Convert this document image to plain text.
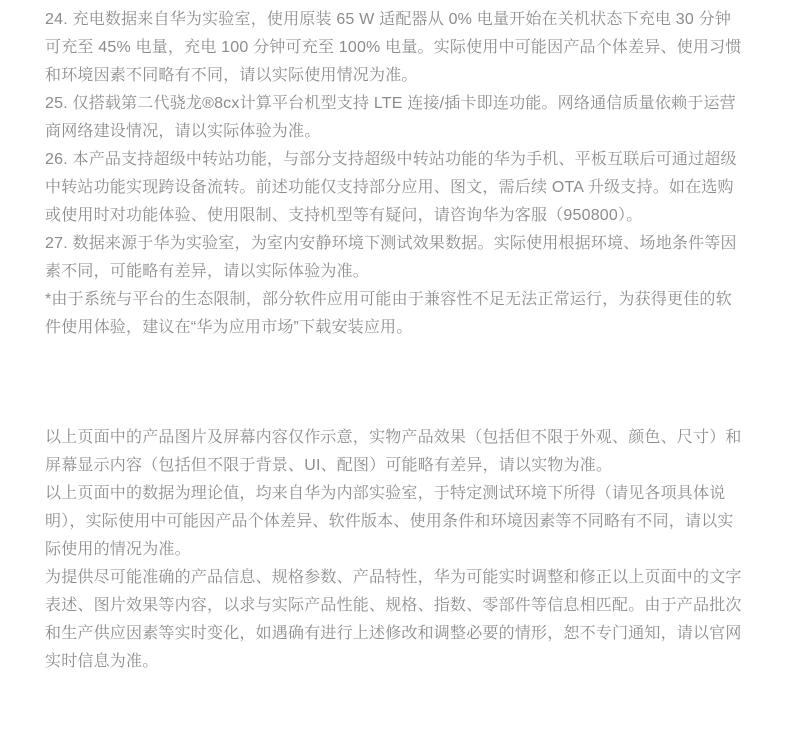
24. 充电数据来自华为实验室，使用原装 65 W 适配器从 0% 电量开始在关机状态下充电 30 分钟可充至 45% 电量，充电 100 分钟可充至 100% 电量。实际使用中可能因产品个体差异、使用习惯和环境因素不同略有不同，请以实际使用情况为准。

25. 仅搭载第二代骁龙®8cx计算平台机型支持 LTE 连接/插卡即连功能。网络通信质量依赖于运营商网络建设情况，请以实际体验为准。

26. 本产品支持超级中转站功能，与部分支持超级中转站功能的华为手机、平板互联后可通过超级中转站功能实现跨设备流转。前述功能仅支持部分应用、图文，需后续 OTA 升级支持。如在选购或使用时对功能体验、使用限制、支持机型等有疑问，请咨询华为客服（950800）。

27. 数据来源于华为实验室，为室内安静环境下测试效果数据。实际使用根据环境、场地条件等因素不同，可能略有差异，请以实际体验为准。

*由于系统与平台的生态限制，部分软件应用可能由于兼容性不足无法正常运行，为获得更佳的软件使用体验，建议在“华为应用市场”下载安装应用。

以上页面中的产品图片及屏幕内容仅作示意，实物产品效果（包括但不限于外观、颜色、尺寸）和屏幕显示内容（包括但不限于背景、UI、配图）可能略有差异，请以实物为准。

以上页面中的数据为理论值，均来自华为内部实验室，于特定测试环境下所得（请见各项具体说明），实际使用中可能因产品个体差异、软件版本、使用条件和环境因素等不同略有不同，请以实际使用的情况为准。

为提供尽可能准确的产品信息、规格参数、产品特性，华为可能实时调整和修正以上页面中的文字表述、图片效果等内容，以求与实际产品性能、规格、指数、零部件等信息相匹配。由于产品批次和生产供应因素等实时变化，如遇确有进行上述修改和调整必要的情形，恕不专门通知，请以官网实时信息为准。
